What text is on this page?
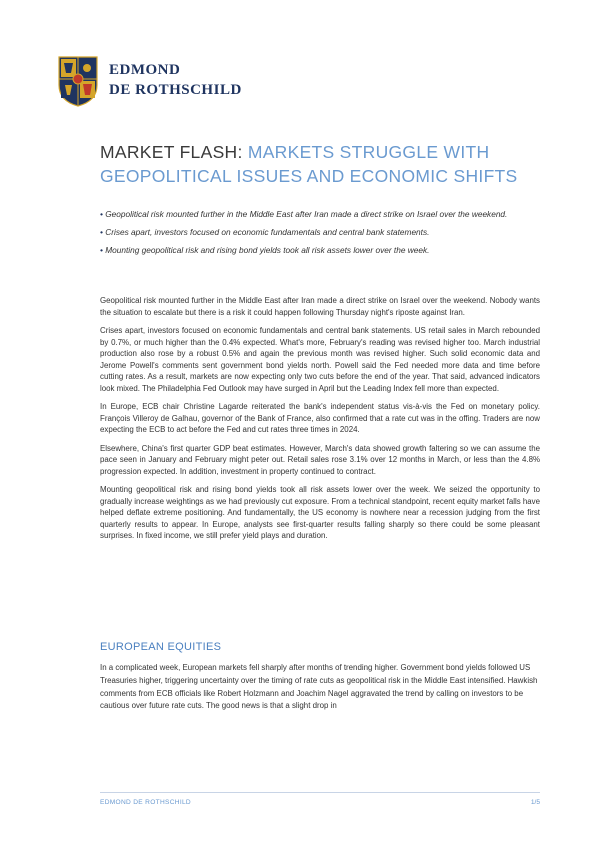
EDMOND
DE ROTHSCHILD
MARKET FLASH: MARKETS STRUGGLE WITH GEOPOLITICAL ISSUES AND ECONOMIC SHIFTS
• Geopolitical risk mounted further in the Middle East after Iran made a direct strike on Israel over the weekend.
• Crises apart, investors focused on economic fundamentals and central bank statements.
• Mounting geopolitical risk and rising bond yields took all risk assets lower over the week.

Geopolitical risk mounted further in the Middle East after Iran made a direct strike on Israel over the weekend. Nobody wants the situation to escalate but there is a risk it could happen following Thursday night's riposte against Iran.

Crises apart, investors focused on economic fundamentals and central bank statements. US retail sales in March rebounded by 0.7%, or much higher than the 0.4% expected. What's more, February's reading was revised higher too. March industrial production also rose by a robust 0.5% and again the previous month was revised higher. Such solid economic data and Jerome Powell's comments sent government bond yields north. Powell said the Fed needed more data and time before cutting rates. As a result, markets are now expecting only two cuts before the end of the year. That said, advanced indicators look mixed. The Philadelphia Fed Outlook may have surged in April but the Leading Index fell more than expected.

In Europe, ECB chair Christine Lagarde reiterated the bank's independent status vis-à-vis the Fed on monetary policy. François Villeroy de Galhau, governor of the Bank of France, also confirmed that a rate cut was in the offing. Traders are now expecting the ECB to act before the Fed and cut rates three times in 2024.

Elsewhere, China's first quarter GDP beat estimates. However, March's data showed growth faltering so we can assume the pace seen in January and February might peter out. Retail sales rose 3.1% over 12 months in March, or less than the 4.8% progression expected. In addition, investment in property continued to contract.

Mounting geopolitical risk and rising bond yields took all risk assets lower over the week. We seized the opportunity to gradually increase weightings as we had previously cut exposure. From a technical standpoint, recent equity market falls have helped deflate extreme positioning. And fundamentally, the US economy is nowhere near a recession judging from the first quarterly results to appear. In Europe, analysts see first-quarter results falling sharply so there could be some pleasant surprises. In fixed income, we still prefer yield plays and duration.

EUROPEAN EQUITIES

In a complicated week, European markets fell sharply after months of trending higher. Government bond yields followed US Treasuries higher, triggering uncertainty over the timing of rate cuts as geopolitical risk in the Middle East intensified. Hawkish comments from ECB officials like Robert Holzmann and Joachim Nagel aggravated the trend by calling on investors to be cautious over future rate cuts. The good news is that a slight drop in

EDMOND DE ROTHSCHILD	1/5
